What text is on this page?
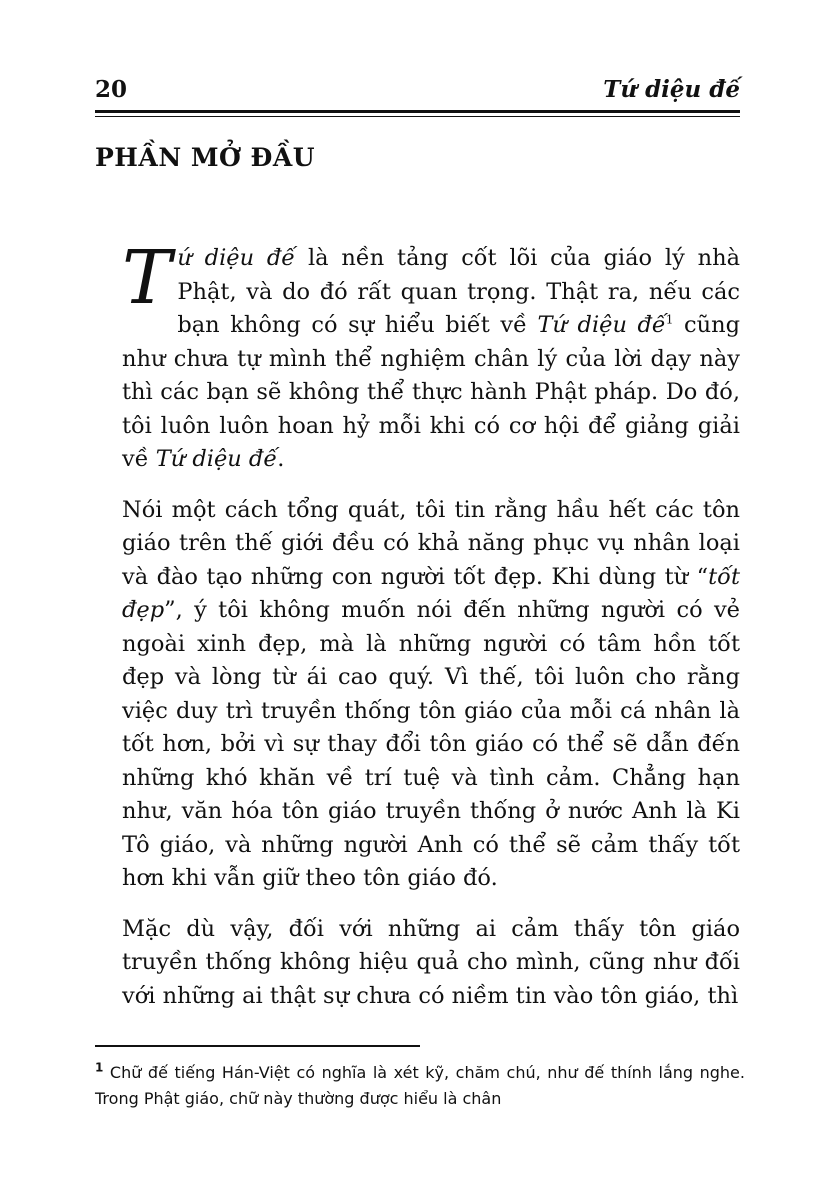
20	Tứ diệu đế
PHẦN MỞ ĐẦU

Tứ diệu đế là nền tảng cốt lõi của giáo lý nhà Phật, và do đó rất quan trọng. Thật ra, nếu các bạn không có sự hiểu biết về Tứ diệu đế$^1$ cũng như chưa tự mình thể nghiệm chân lý của lời dạy này thì các bạn sẽ không thể thực hành Phật pháp. Do đó, tôi luôn luôn hoan hỷ mỗi khi có cơ hội để giảng giải về Tứ diệu đế.

Nói một cách tổng quát, tôi tin rằng hầu hết các tôn giáo trên thế giới đều có khả năng phục vụ nhân loại và đào tạo những con người tốt đẹp. Khi dùng từ “tốt đẹp”, ý tôi không muốn nói đến những người có vẻ ngoài xinh đẹp, mà là những người có tâm hồn tốt đẹp và lòng từ ái cao quý. Vì thế, tôi luôn cho rằng việc duy trì truyền thống tôn giáo của mỗi cá nhân là tốt hơn, bởi vì sự thay đổi tôn giáo có thể sẽ dẫn đến những khó khăn về trí tuệ và tình cảm. Chẳng hạn như, văn hóa tôn giáo truyền thống ở nước Anh là Ki Tô giáo, và những người Anh có thể sẽ cảm thấy tốt hơn khi vẫn giữ theo tôn giáo đó.

Mặc dù vậy, đối với những ai cảm thấy tôn giáo truyền thống không hiệu quả cho mình, cũng như đối với những ai thật sự chưa có niềm tin vào tôn giáo, thì

$^1$ Chữ đế tiếng Hán-Việt có nghĩa là xét kỹ, chăm chú, như đế thính lắng nghe. Trong Phật giáo, chữ này thường được hiểu là chân
